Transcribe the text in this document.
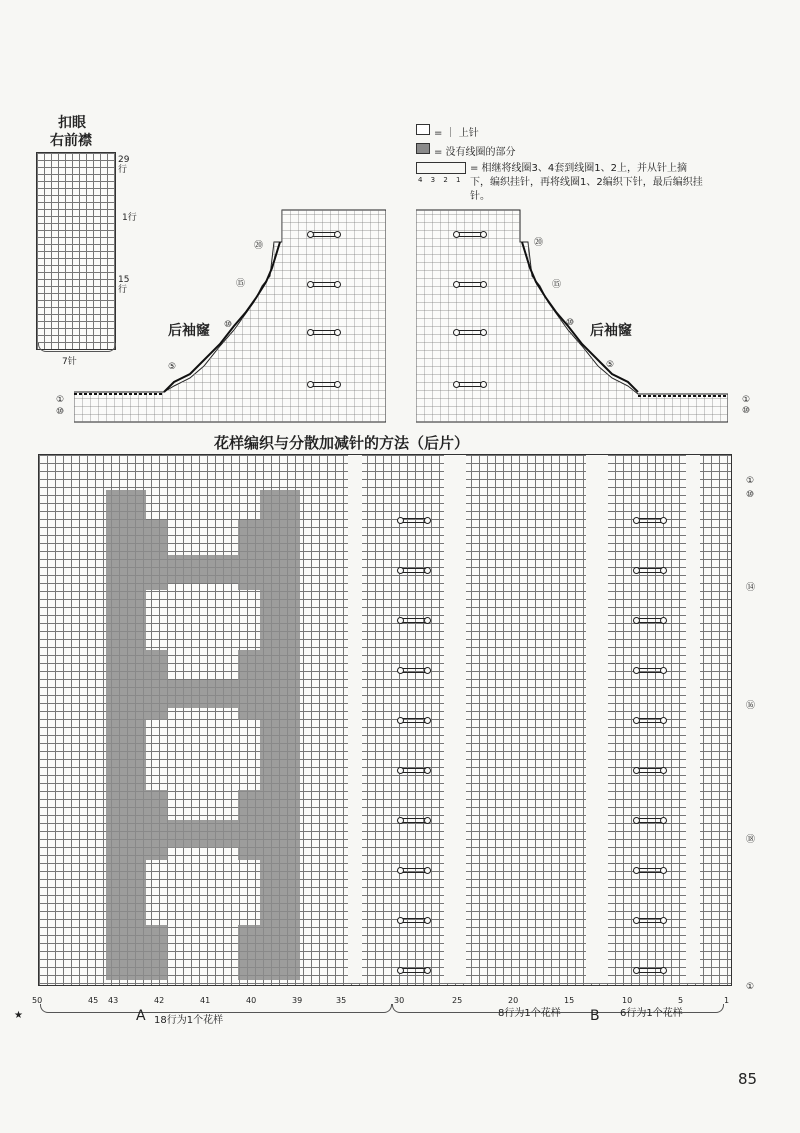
扣眼
右前襟
29行
1行
15行
7针
= ｜ 上针
= 没有线圈的部分
= 相继将线圈3、4套到线圈1、2上，并从针上摘下，编织挂针，再将线圈1、2编织下针，最后编织挂针。
4 3 2 1
后袖窿
⑳
⑮
⑩
⑤
①
⑩
后袖窿
⑳
⑮
⑩
⑤
①
⑩
花样编织与分散加减针的方法（后片）
①
⑩
⑭
⑯
⑱
①
50	45 43	42	41	40	39	35	30	25	20	15	10	5	1
★	A 18行为1个花样
8行为1个花样 B 6行为1个花样
85
